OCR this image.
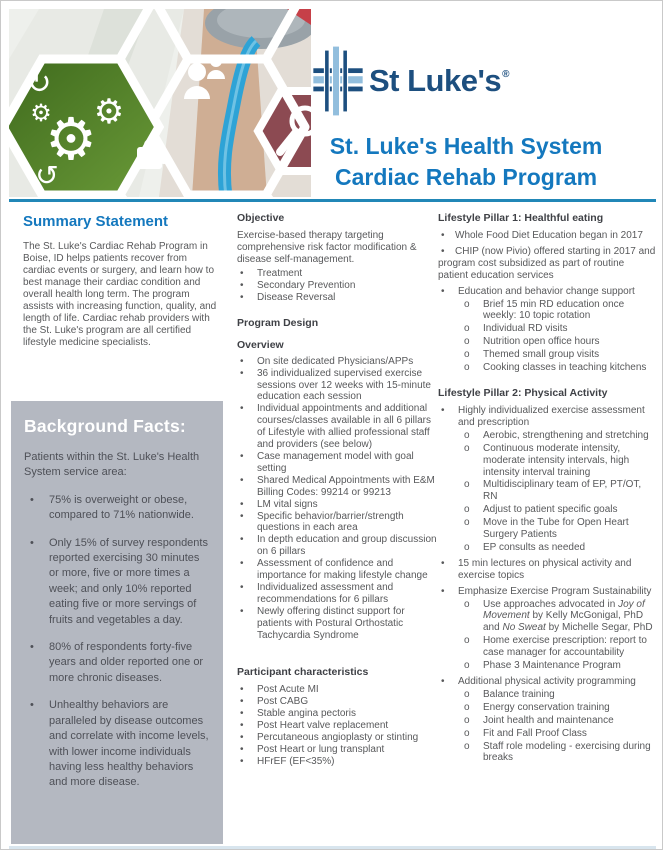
⚙
⚙
⚙
↻
↺
St Luke's®
St. Luke's Health System
Cardiac Rehab Program
Summary Statement

The St. Luke's Cardiac Rehab Program in Boise, ID helps patients recover from cardiac events or surgery, and learn how to best manage their cardiac condition and overall health long term. The program assists with increasing function, quality, and length of life. Cardiac rehab providers with the St. Luke's program are all certified lifestyle medicine specialists.

Background Facts:

Patients within the St. Luke's Health System service area:

•	75% is overweight or obese, compared to 71% nationwide.
•	Only 15% of survey respondents reported exercising 30 minutes or more, five or more times a week; and only 10% reported eating five or more servings of fruits and vegetables a day.
•	80% of respondents forty-five years and older reported one or more chronic diseases.
•	Unhealthy behaviors are paralleled by disease outcomes and correlate with income levels, with lower income individuals having less healthy behaviors and more disease.
Objective

Exercise-based therapy targeting comprehensive risk factor modification & disease self-management.

•	Treatment
•	Secondary Prevention
•	Disease Reversal
Program Design
Overview
•	On site dedicated Physicians/APPs
•	36 individualized supervised exercise sessions over 12 weeks with 15-minute education each session
•	Individual appointments and additional courses/classes available in all 6 pillars of Lifestyle with allied professional staff and providers (see below)
•	Case management model with goal setting
•	Shared Medical Appointments with E&M Billing Codes: 99214 or 99213
•	LM vital signs
•	Specific behavior/barrier/strength questions in each area
•	In depth education and group discussion on 6 pillars
•	Assessment of confidence and importance for making lifestyle change
•	Individualized assessment and recommendations for 6 pillars
•	Newly offering distinct support for patients with Postural Orthostatic Tachycardia Syndrome
Participant characteristics
•	Post Acute MI
•	Post CABG
•	Stable angina pectoris
•	Post Heart valve replacement
•	Percutaneous angioplasty or stinting
•	Post Heart or lung transplant
•	HFrEF (EF<35%)
Lifestyle Pillar 1: Healthful eating
• Whole Food Diet Education began in 2017
• CHIP (now Pivio) offered starting in 2017 and program cost subsidized as part of routine patient education services
•	Education and behavior change support
o	Brief 15 min RD education once weekly: 10 topic rotation
o	Individual RD visits
o	Nutrition open office hours
o	Themed small group visits
o	Cooking classes in teaching kitchens
Lifestyle Pillar 2: Physical Activity
•	Highly individualized exercise assessment and prescription
o	Aerobic, strengthening and stretching
o	Continuous moderate intensity, moderate intensity intervals, high intensity interval training
o	Multidisciplinary team of EP, PT/OT, RN
o	Adjust to patient specific goals
o	Move in the Tube for Open Heart Surgery Patients
o	EP consults as needed
•	15 min lectures on physical activity and exercise topics
•	Emphasize Exercise Program Sustainability
o	Use approaches advocated in Joy of Movement by Kelly McGonigal, PhD and No Sweat by Michelle Segar, PhD
o	Home exercise prescription: report to case manager for accountability
o	Phase 3 Maintenance Program
•	Additional physical activity programming
o	Balance training
o	Energy conservation training
o	Joint health and maintenance
o	Fit and Fall Proof Class
o	Staff role modeling - exercising during breaks
